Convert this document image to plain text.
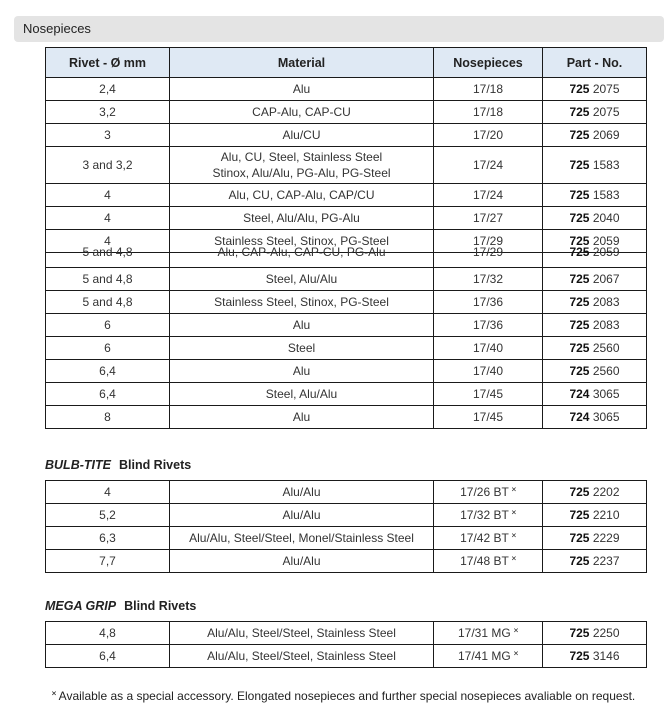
Nosepieces
Rivet - Ø mm	Material	Nosepieces	Part - No.
2,4	Alu	17/18	725 2075
3,2	CAP-Alu, CAP-CU	17/18	725 2075
3	Alu/CU	17/20	725 2069
3 and 3,2	Alu, CU, Steel, Stainless Steel
Stinox, Alu/Alu, PG-Alu, PG-Steel	17/24	725 1583
4	Alu, CU, CAP-Alu, CAP/CU	17/24	725 1583
4	Steel, Alu/Alu, PG-Alu	17/27	725 2040
4	Stainless Steel, Stinox, PG-Steel	17/29	725 2059

5 and 4,8	Alu, CAP-Alu, CAP-CU, PG-Alu	17/29	725 2059

5 and 4,8	Steel, Alu/Alu	17/32	725 2067
5 and 4,8	Stainless Steel, Stinox, PG-Steel	17/36	725 2083
6	Alu	17/36	725 2083
6	Steel	17/40	725 2560
6,4	Alu	17/40	725 2560
6,4	Steel, Alu/Alu	17/45	724 3065
8	Alu	17/45	724 3065
BULB-TITE Blind Rivets
4	Alu/Alu	17/26 BT ˟	725 2202
5,2	Alu/Alu	17/32 BT ˟	725 2210
6,3	Alu/Alu, Steel/Steel, Monel/Stainless Steel	17/42 BT ˟	725 2229
7,7	Alu/Alu	17/48 BT ˟	725 2237
MEGA GRIP Blind Rivets
4,8	Alu/Alu, Steel/Steel, Stainless Steel	17/31 MG ˟	725 2250
6,4	Alu/Alu, Steel/Steel, Stainless Steel	17/41 MG ˟	725 3146
˟ Available as a special accessory. Elongated nosepieces and further special nosepieces avaliable on request.
